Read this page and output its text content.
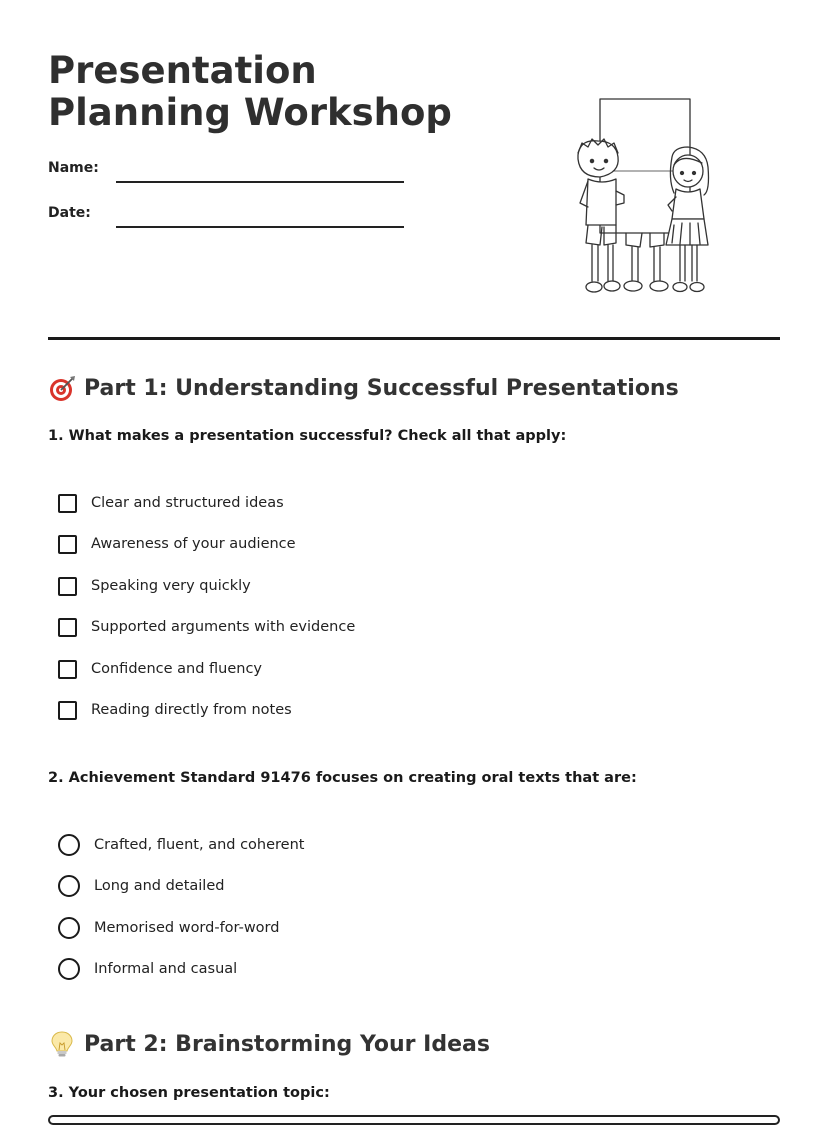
Presentation Planning Workshop
Name:
Date:
Part 1: Understanding Successful Presentations
1. What makes a presentation successful? Check all that apply:
Clear and structured ideas
Awareness of your audience
Speaking very quickly
Supported arguments with evidence
Confidence and fluency
Reading directly from notes
2. Achievement Standard 91476 focuses on creating oral texts that are:
Crafted, fluent, and coherent
Long and detailed
Memorised word-for-word
Informal and casual
Part 2: Brainstorming Your Ideas
3. Your chosen presentation topic:
